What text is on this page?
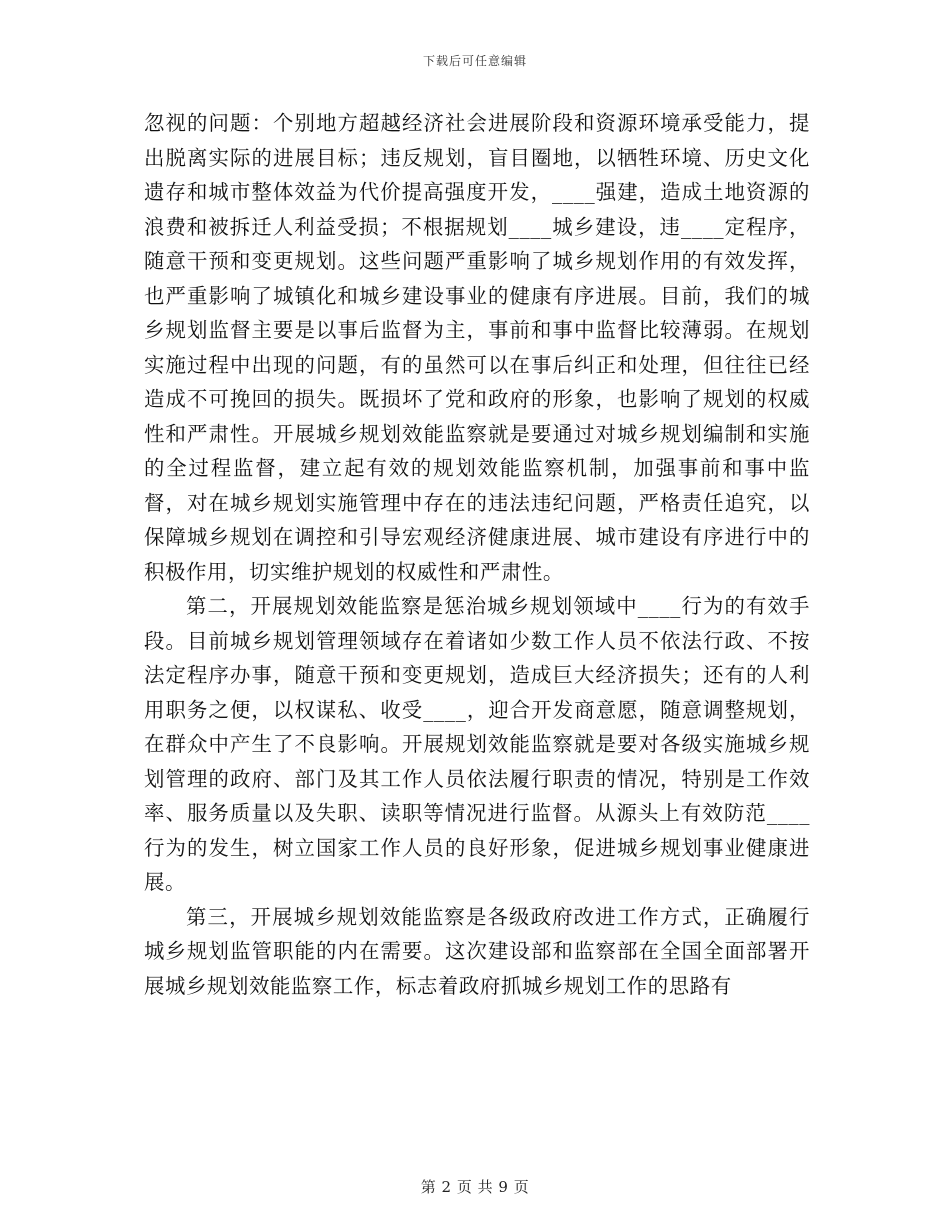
下载后可任意编辑

忽视的问题：个别地方超越经济社会进展阶段和资源环境承受能力，提出脱离实际的进展目标；违反规划，盲目圈地，以牺牲环境、历史文化遗存和城市整体效益为代价提高强度开发，____强建，造成土地资源的浪费和被拆迁人利益受损；不根据规划____城乡建设，违____定程序，随意干预和变更规划。这些问题严重影响了城乡规划作用的有效发挥，也严重影响了城镇化和城乡建设事业的健康有序进展。目前，我们的城乡规划监督主要是以事后监督为主，事前和事中监督比较薄弱。在规划实施过程中出现的问题，有的虽然可以在事后纠正和处理，但往往已经造成不可挽回的损失。既损坏了党和政府的形象，也影响了规划的权威性和严肃性。开展城乡规划效能监察就是要通过对城乡规划编制和实施的全过程监督，建立起有效的规划效能监察机制，加强事前和事中监督，对在城乡规划实施管理中存在的违法违纪问题，严格责任追究，以保障城乡规划在调控和引导宏观经济健康进展、城市建设有序进行中的积极作用，切实维护规划的权威性和严肃性。

第二，开展规划效能监察是惩治城乡规划领域中____行为的有效手段。目前城乡规划管理领域存在着诸如少数工作人员不依法行政、不按法定程序办事，随意干预和变更规划，造成巨大经济损失；还有的人利用职务之便，以权谋私、收受____，迎合开发商意愿，随意调整规划，在群众中产生了不良影响。开展规划效能监察就是要对各级实施城乡规划管理的政府、部门及其工作人员依法履行职责的情况，特别是工作效率、服务质量以及失职、读职等情况进行监督。从源头上有效防范____行为的发生，树立国家工作人员的良好形象，促进城乡规划事业健康进展。

第三，开展城乡规划效能监察是各级政府改进工作方式，正确履行城乡规划监管职能的内在需要。这次建设部和监察部在全国全面部署开展城乡规划效能监察工作，标志着政府抓城乡规划工作的思路有

第 2 页 共 9 页
